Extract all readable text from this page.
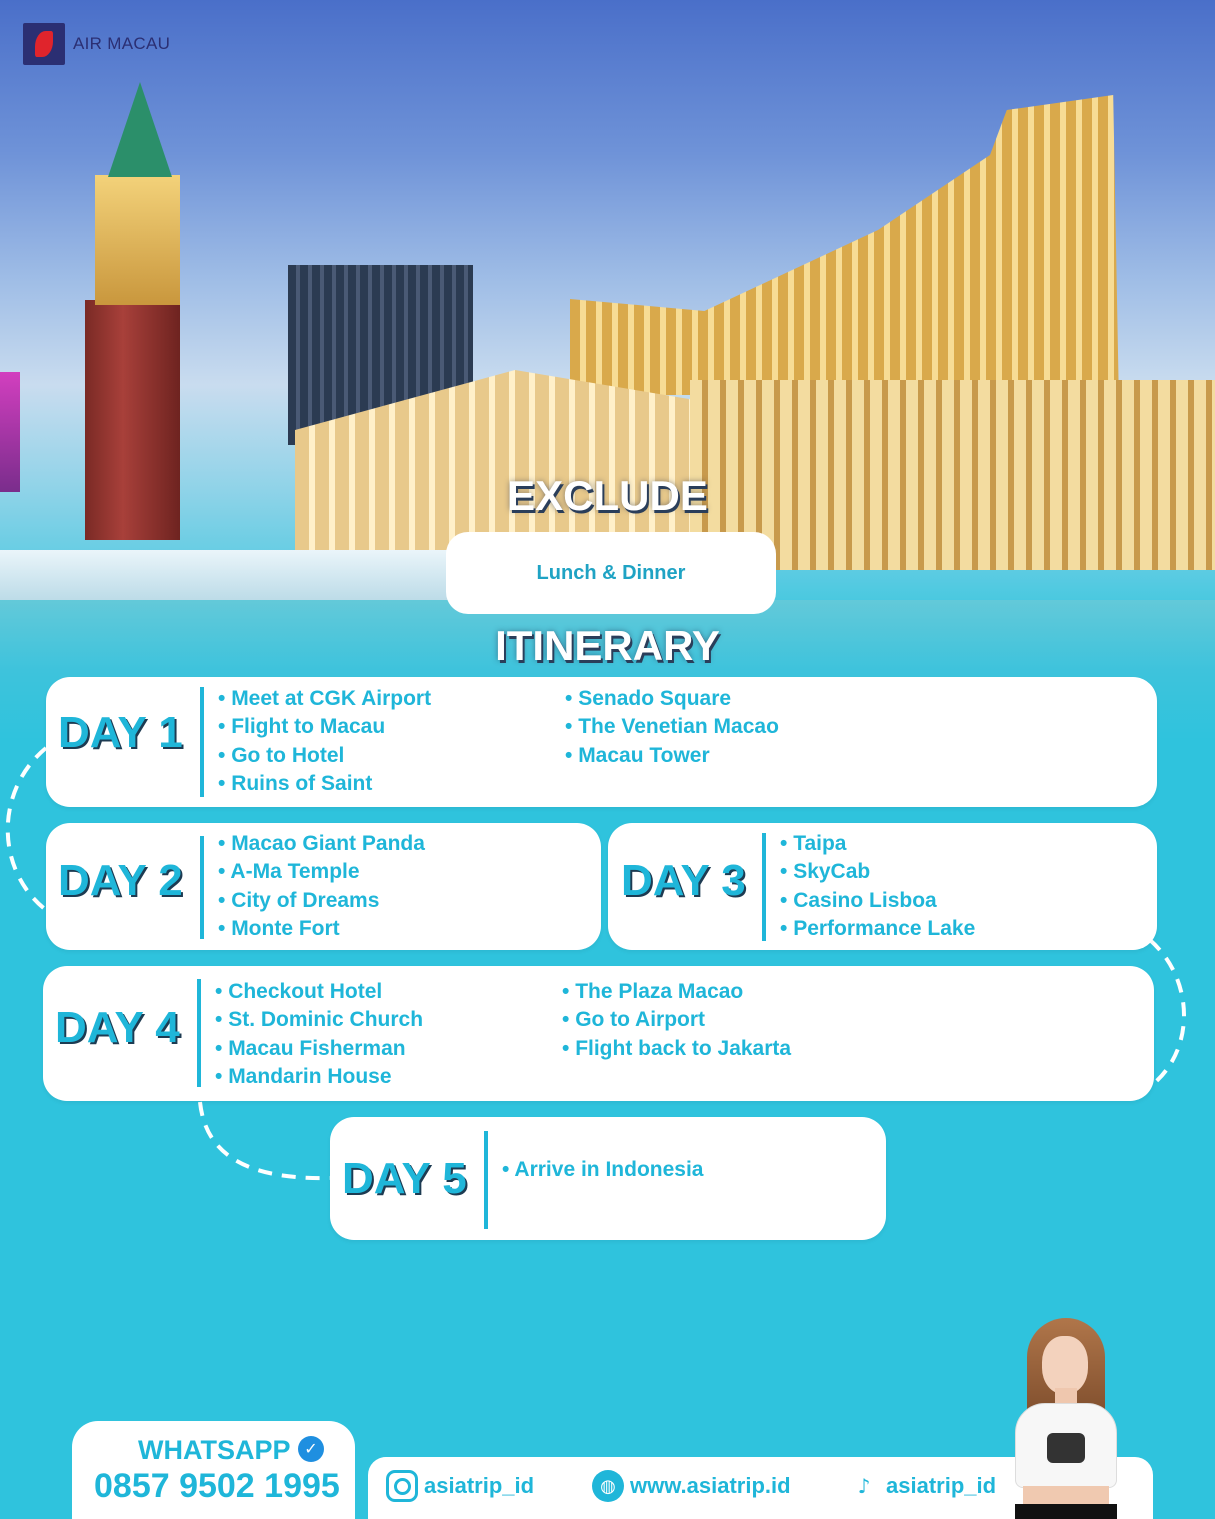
AIR MACAU
EXCLUDE
Lunch & Dinner
ITINERARY
DAY 1
• Meet at CGK Airport
• Flight to Macau
• Go to Hotel
• Ruins of Saint
• Senado Square
• The Venetian Macao
• Macau Tower
DAY 2
• Macao Giant Panda
• A-Ma Temple
• City of Dreams
• Monte Fort
DAY 3
• Taipa
• SkyCab
• Casino Lisboa
• Performance Lake
DAY 4
• Checkout Hotel
• St. Dominic Church
• Macau Fisherman
• Mandarin House
• The Plaza Macao
• Go to Airport
• Flight back to Jakarta
DAY 5
•	Arrive in Indonesia
WHATSAPP ✓
0857 9502 1995	asiatrip_id	◍ www.asiatrip.id	♪ asiatrip_id
